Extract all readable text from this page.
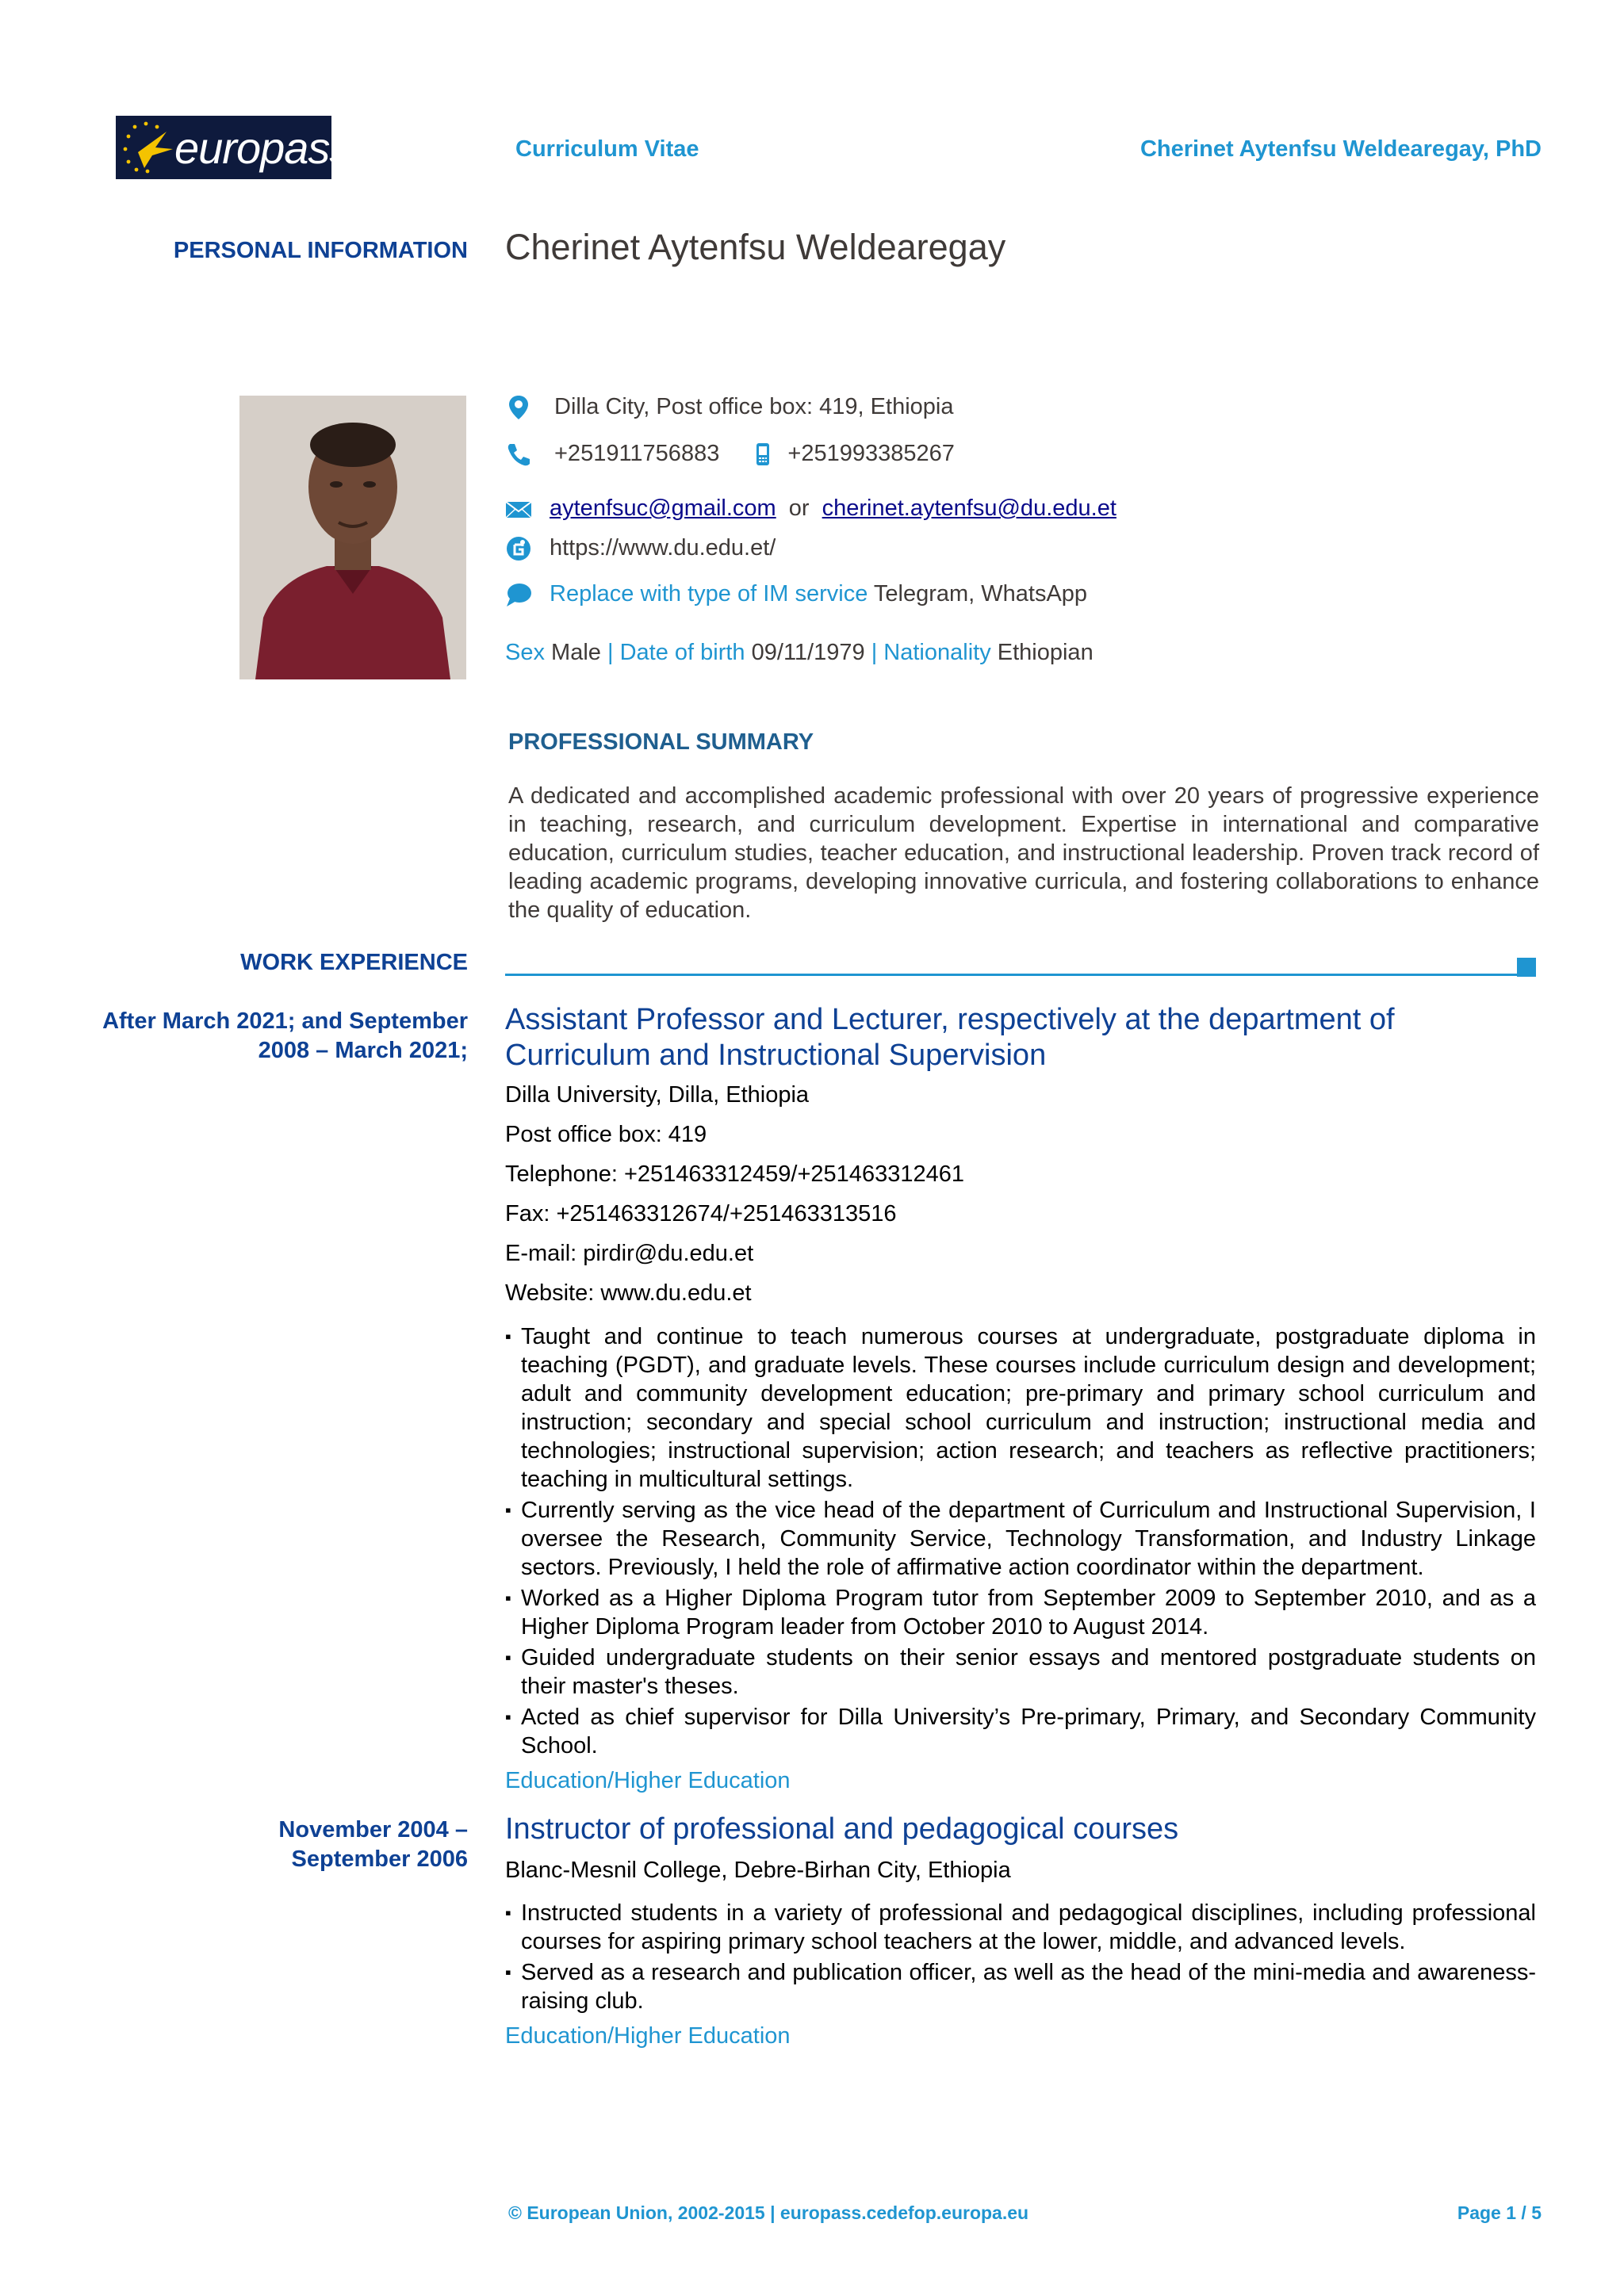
europass	Curriculum Vitae	Cherinet Aytenfsu Weldearegay, PhD
PERSONAL INFORMATION Cherinet Aytenfsu Weldearegay
Dilla City, Post office box: 419, Ethiopia
+251911756883	+251993385267
aytenfsuc@gmail.com or cherinet.aytenfsu@du.edu.et
https://www.du.edu.et/
Replace with type of IM service Telegram, WhatsApp
Sex Male | Date of birth 09/11/1979 | Nationality Ethiopian
PROFESSIONAL SUMMARY
A dedicated and accomplished academic professional with over 20 years of progressive experience in teaching, research, and curriculum development. Expertise in international and comparative education, curriculum studies, teacher education, and instructional leadership. Proven track record of leading academic programs, developing innovative curricula, and fostering collaborations to enhance the quality of education.
WORK EXPERIENCE
After March 2021; and September 2008 – March 2021;
Assistant Professor and Lecturer, respectively at the department of Curriculum and Instructional Supervision
Dilla University, Dilla, Ethiopia
Post office box: 419
Telephone: +251463312459/+251463312461
Fax: +251463312674/+251463313516
E-mail: pirdir@du.edu.et
Website: www.du.edu.et
▪ Taught and continue to teach numerous courses at undergraduate, postgraduate diploma in teaching (PGDT), and graduate levels. These courses include curriculum design and development; adult and community development education; pre-primary and primary school curriculum and instruction; secondary and special school curriculum and instruction; instructional media and technologies; instructional supervision; action research; and teachers as reflective practitioners; teaching in multicultural settings.
▪ Currently serving as the vice head of the department of Curriculum and Instructional Supervision, I oversee the Research, Community Service, Technology Transformation, and Industry Linkage sectors. Previously, I held the role of affirmative action coordinator within the department.
▪ Worked as a Higher Diploma Program tutor from September 2009 to September 2010, and as a Higher Diploma Program leader from October 2010 to August 2014.
▪ Guided undergraduate students on their senior essays and mentored postgraduate students on their master's theses.
▪ Acted as chief supervisor for Dilla University’s Pre-primary, Primary, and Secondary Community School.
Education/Higher Education
November 2004 – September 2006
Instructor of professional and pedagogical courses
Blanc-Mesnil College, Debre-Birhan City, Ethiopia
▪ Instructed students in a variety of professional and pedagogical disciplines, including professional courses for aspiring primary school teachers at the lower, middle, and advanced levels.
▪ Served as a research and publication officer, as well as the head of the mini-media and awareness-raising club.
Education/Higher Education
© European Union, 2002-2015 | europass.cedefop.europa.eu	Page 1 / 5
